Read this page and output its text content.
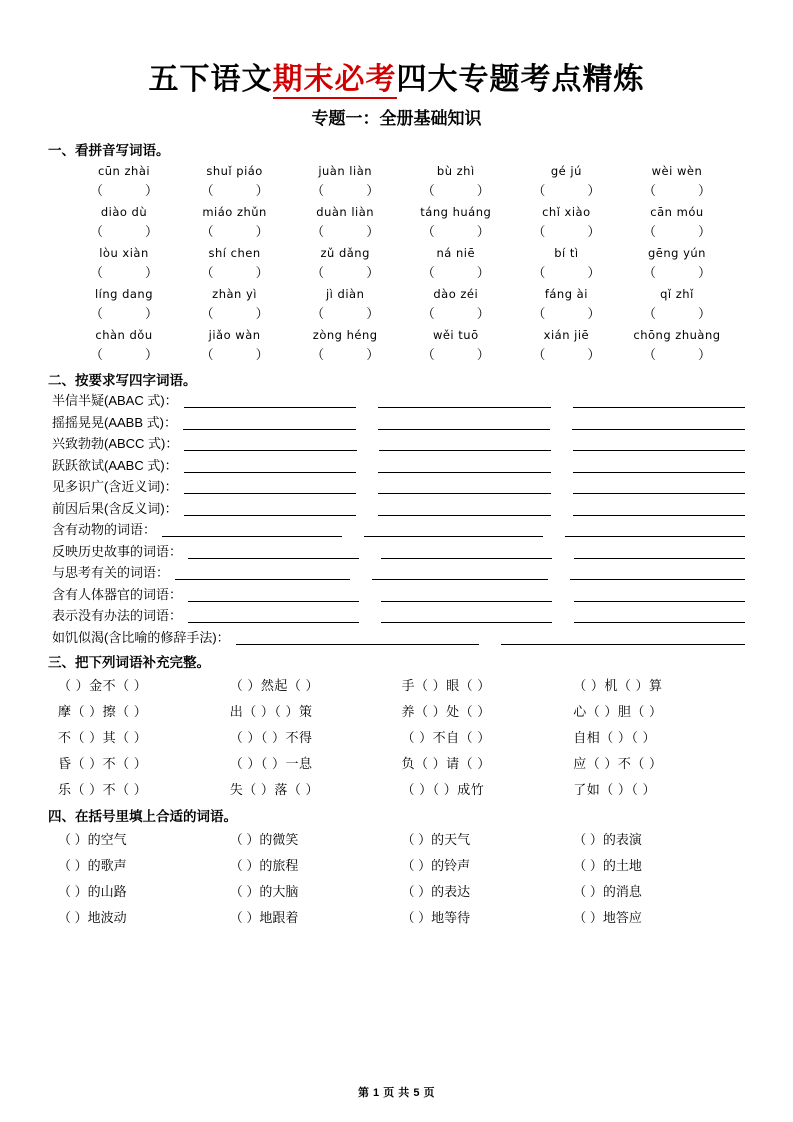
五下语文期末必考四大专题考点精炼
专题一：全册基础知识
一、看拼音写词语。
cūn zhài	shuǐ piáo	juàn liàn	bù zhì	gé jú	wèi wèn
（	）	（	）	（	）	（	）	（	）	（	）
diào dù	miáo zhǔn	duàn liàn	táng huáng	chǐ xiào	cān móu
（	）	（	）	（	）	（	）	（	）	（	）
lòu xiàn	shí chen	zǔ dǎng	ná niē	bí tì	gēng yún
（	）	（	）	（	）	（	）	（	）	（	）
líng dang	zhàn yì	jì diàn	dào zéi	fáng ài	qǐ zhǐ
（	）	（	）	（	）	（	）	（	）	（	）
chàn dǒu	jiǎo wàn	zòng héng	wěi tuō	xián jiē	chōng zhuàng
（	）	（	）	（	）	（	）	（	）	（	）
二、按要求写四字词语。
半信半疑(ABAC 式)：
摇摇晃晃(AABB 式)：
兴致勃勃(ABCC 式)：
跃跃欲试(AABC 式)：
见多识广(含近义词)：
前因后果(含反义词)：
含有动物的词语：
反映历史故事的词语：
与思考有关的词语：
含有人体器官的词语：
表示没有办法的词语：
如饥似渴(含比喻的修辞手法)：
三、把下列词语补充完整。
（ ）金不（ ）	（ ）然起（ ）	手（ ）眼（ ）	（ ）机（ ）算
摩（ ）擦（ ）	出（ ）（ ）策	养（ ）处（ ）	心（ ）胆（ ）
不（ ）其（ ）	（ ）（ ）不得	（ ）不自（ ）	自相（ ）（ ）
昏（ ）不（ ）	（ ）（ ）一息	负（ ）请（ ）	应（ ）不（ ）
乐（ ）不（ ）	失（ ）落（ ）	（ ）（ ）成竹	了如（ ）（ ）
四、在括号里填上合适的词语。
（ ）的空气	（ ）的微笑	（ ）的天气	（ ）的表演
（ ）的歌声	（ ）的旅程	（ ）的铃声	（ ）的土地
（ ）的山路	（ ）的大脑	（ ）的表达	（ ）的消息
（ ）地波动	（ ）地跟着	（ ）地等待	（ ）地答应
第 1 页 共 5 页
